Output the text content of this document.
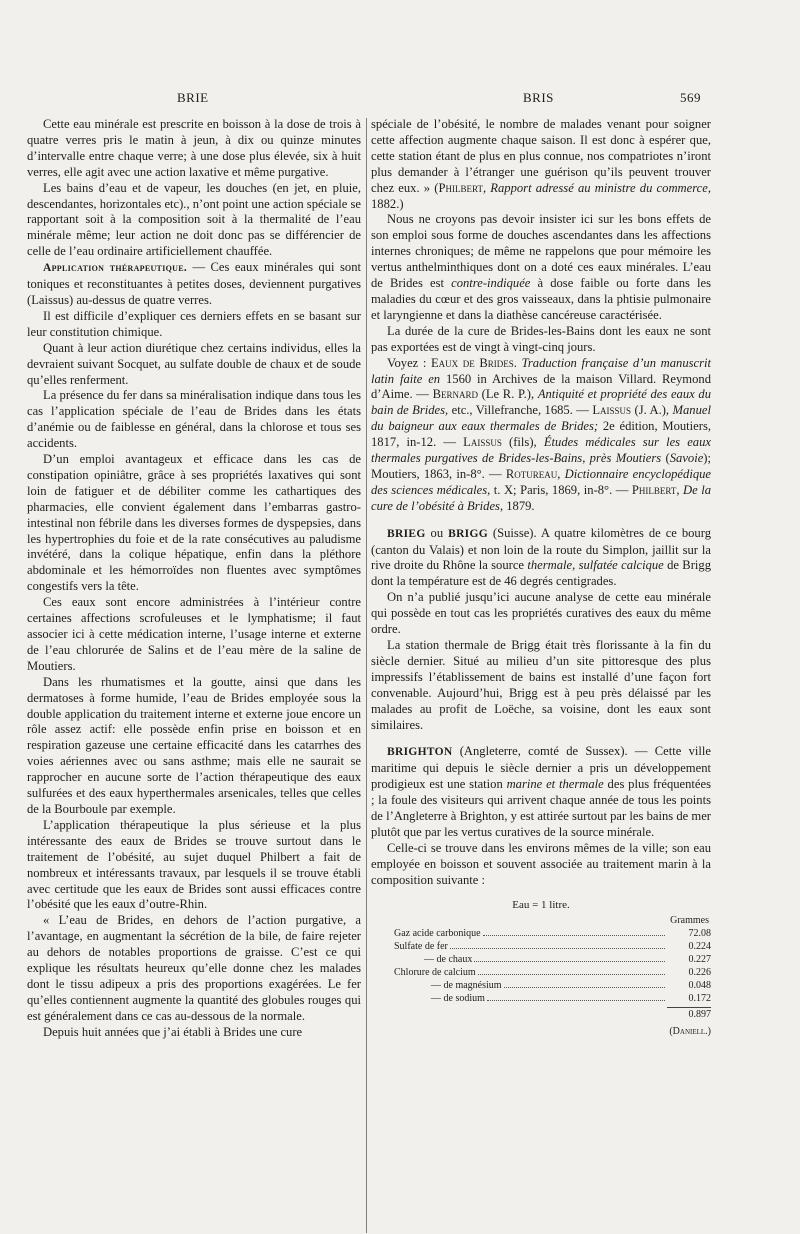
BRIE	BRIS	569

Cette eau minérale est prescrite en boisson à la dose de trois à quatre verres pris le matin à jeun, à dix ou quinze minutes d’intervalle entre chaque verre; à une dose plus élevée, six à huit verres, elle agit avec une action laxative et même purgative.

Les bains d’eau et de vapeur, les douches (en jet, en pluie, descendantes, horizontales etc)., n’ont point une action spéciale se rapportant soit à la composition soit à la thermalité de l’eau minérale même; leur action ne doit donc pas se différencier de celle de l’eau ordinaire artificiellement chauffée.

Application thérapeutique. — Ces eaux minérales qui sont toniques et reconstituantes à petites doses, deviennent purgatives (Laissus) au-dessus de quatre verres.

Il est difficile d’expliquer ces derniers effets en se basant sur leur constitution chimique.

Quant à leur action diurétique chez certains individus, elles la devraient suivant Socquet, au sulfate double de chaux et de soude qu’elles renferment.

La présence du fer dans sa minéralisation indique dans tous les cas l’application spéciale de l’eau de Brides dans les états d’anémie ou de faiblesse en général, dans la chlorose et tous ses accidents.

D’un emploi avantageux et efficace dans les cas de constipation opiniâtre, grâce à ses propriétés laxatives qui sont loin de fatiguer et de débiliter comme les cathartiques des pharmacies, elle convient également dans l’embarras gastro-intestinal non fébrile dans les diverses formes de dyspepsies, dans les hypertrophies du foie et de la rate consécutives au paludisme invétéré, dans la colique hépatique, enfin dans la pléthore abdominale et les hémorroïdes non fluentes avec symptômes congestifs vers la tête.

Ces eaux sont encore administrées à l’intérieur contre certaines affections scrofuleuses et le lymphatisme; il faut associer ici à cette médication interne, l’usage interne et externe de l’eau chlorurée de Salins et de l’eau mère de la saline de Moutiers.

Dans les rhumatismes et la goutte, ainsi que dans les dermatoses à forme humide, l’eau de Brides employée sous la double application du traitement interne et externe joue encore un rôle assez actif: elle possède enfin prise en boisson et en respiration gazeuse une certaine efficacité dans les catarrhes des voies aériennes avec ou sans asthme; mais elle ne saurait se rapprocher en aucune sorte de l’action thérapeutique des eaux sulfurées et des eaux hyperthermales arsenicales, telles que celles de la Bourboule par exemple.

L’application thérapeutique la plus sérieuse et la plus intéressante des eaux de Brides se trouve surtout dans le traitement de l’obésité, au sujet duquel Philbert a fait de nombreux et intéressants travaux, par lesquels il se trouve établi avec certitude que les eaux de Brides sont aussi efficaces contre l’obésité que les eaux d’outre-Rhin.

« L’eau de Brides, en dehors de l’action purgative, a l’avantage, en augmentant la sécrétion de la bile, de faire rejeter au dehors de notables proportions de graisse. C’est ce qui explique les résultats heureux qu’elle donne chez les malades dont le tissu adipeux a pris des proportions exagérées. Le fer qu’elles contiennent augmente la quantité des globules rouges qui est généralement dans ce cas au-dessous de la normale.

Depuis huit années que j’ai établi à Brides une cure

spéciale de l’obésité, le nombre de malades venant pour soigner cette affection augmente chaque saison. Il est donc à espérer que, cette station étant de plus en plus connue, nos compatriotes n’iront plus demander à l’étranger une guérison qu’ils peuvent trouver chez eux. » (Philbert, Rapport adressé au ministre du commerce, 1882.)

Nous ne croyons pas devoir insister ici sur les bons effets de son emploi sous forme de douches ascendantes dans les affections internes chroniques; de même ne rappelons que pour mémoire les vertus anthelminthiques dont on a doté ces eaux minérales. L’eau de Brides est contre-indiquée à dose faible ou forte dans les maladies du cœur et des gros vaisseaux, dans la phtisie pulmonaire et laryngienne et dans la diathèse cancéreuse caractérisée.

La durée de la cure de Brides-les-Bains dont les eaux ne sont pas exportées est de vingt à vingt-cinq jours.

Voyez : Eaux de Brides. Traduction française d’un manuscrit latin faite en 1560 in Archives de la maison Villard. Reymond d’Aime. — Bernard (Le R. P.), Antiquité et propriété des eaux du bain de Brides, etc., Villefranche, 1685. — Laissus (J. A.), Manuel du baigneur aux eaux thermales de Brides; 2e édition, Moutiers, 1817, in-12. — Laissus (fils), Études médicales sur les eaux thermales purgatives de Brides-les-Bains, près Moutiers (Savoie); Moutiers, 1863, in-8°. — Rotureau, Dictionnaire encyclopédique des sciences médicales, t. X; Paris, 1869, in-8°. — Philbert, De la cure de l’obésité à Brides, 1879.

BRIEG ou BRIGG (Suisse). A quatre kilomètres de ce bourg (canton du Valais) et non loin de la route du Simplon, jaillit sur la rive droite du Rhône la source thermale, sulfatée calcique de Brigg dont la température est de 46 degrés centigrades.

On n’a publié jusqu’ici aucune analyse de cette eau minérale qui possède en tout cas les propriétés curatives des eaux du même ordre.

La station thermale de Brigg était très florissante à la fin du siècle dernier. Situé au milieu d’un site pittoresque des plus impressifs l’établissement de bains est installé d’une façon fort convenable. Aujourd’hui, Brigg est à peu près délaissé par les malades au profit de Loëche, sa voisine, dont les eaux sont similaires.

BRIGHTON (Angleterre, comté de Sussex). — Cette ville maritime qui depuis le siècle dernier a pris un développement prodigieux est une station marine et thermale des plus fréquentées ; la foule des visiteurs qui arrivent chaque année de tous les points de l’Angleterre à Brighton, y est attirée surtout par les bains de mer plutôt que par les vertus curatives de la source minérale.

Celle-ci se trouve dans les environs mêmes de la ville; son eau employée en boisson et souvent associée au traitement marin à la composition suivante :

Eau = 1 litre.
Grammes
Gaz acide carbonique	72.08
Sulfate de fer	0.224
— de chaux	0.227
Chlorure de calcium	0.226
— de magnésium	0.048
— de sodium	0.172
0.897
(Daniell.)
